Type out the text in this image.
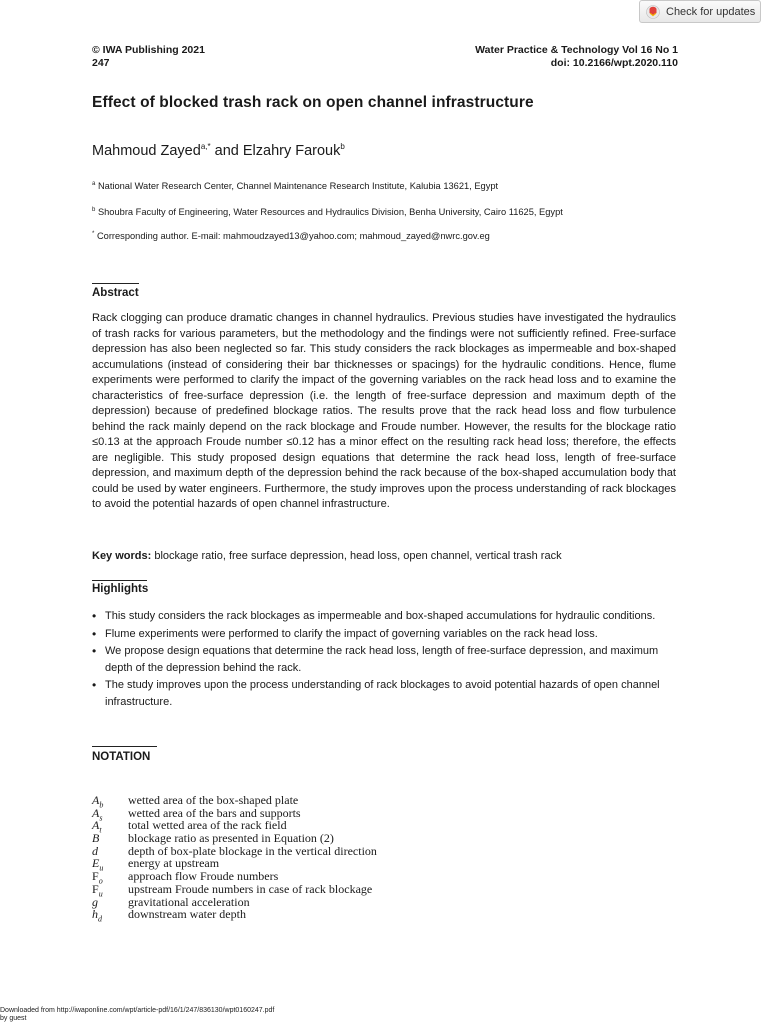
Check for updates
© IWA Publishing 2021
247
Water Practice & Technology Vol 16 No 1
doi: 10.2166/wpt.2020.110
Effect of blocked trash rack on open channel infrastructure
Mahmoud Zayed$^{a,*}$ and Elzahry Farouk$^b$
$^a$ National Water Research Center, Channel Maintenance Research Institute, Kalubia 13621, Egypt
$^b$ Shoubra Faculty of Engineering, Water Resources and Hydraulics Division, Benha University, Cairo 11625, Egypt
* Corresponding author. E-mail: mahmoudzayed13@yahoo.com; mahmoud_zayed@nwrc.gov.eg
Abstract
Rack clogging can produce dramatic changes in channel hydraulics. Previous studies have investigated the hydraulics of trash racks for various parameters, but the methodology and the findings were not sufficiently refined. Free-surface depression has also been neglected so far. This study considers the rack blockages as impermeable and box-shaped accumulations (instead of considering their bar thicknesses or spacings) for the hydraulic conditions. Hence, flume experiments were performed to clarify the impact of the governing variables on the rack head loss and to examine the characteristics of free-surface depression (i.e. the length of free-surface depression and maximum depth of the depression) because of predefined blockage ratios. The results prove that the rack head loss and flow turbulence behind the rack mainly depend on the rack blockage and Froude number. However, the results for the blockage ratio ≤0.13 at the approach Froude number ≤0.12 has a minor effect on the resulting rack head loss; therefore, the effects are negligible. This study proposed design equations that determine the rack head loss, length of free-surface depression, and maximum depth of the depression behind the rack because of the box-shaped accumulation body that could be used by water engineers. Furthermore, the study improves upon the process understanding of rack blockages to avoid the potential hazards of open channel infrastructure.
Key words: blockage ratio, free surface depression, head loss, open channel, vertical trash rack
Highlights
• This study considers the rack blockages as impermeable and box-shaped accumulations for hydraulic conditions.
• Flume experiments were performed to clarify the impact of governing variables on the rack head loss.
• We propose design equations that determine the rack head loss, length of free-surface depression, and maximum depth of the depression behind the rack.
• The study improves upon the process understanding of rack blockages to avoid potential hazards of open channel infrastructure.
NOTATION
$A_b$	wetted area of the box-shaped plate
$A_s$	wetted area of the bars and supports
$A_t$	total wetted area of the rack field
B	blockage ratio as presented in Equation (2)
d	depth of box-plate blockage in the vertical direction
$E_u$	energy at upstream
$F_o$	approach flow Froude numbers
$F_u$	upstream Froude numbers in case of rack blockage
g	gravitational acceleration
$h_d$	downstream water depth
Downloaded from http://iwaponline.com/wpt/article-pdf/16/1/247/836130/wpt0160247.pdf
by guest
